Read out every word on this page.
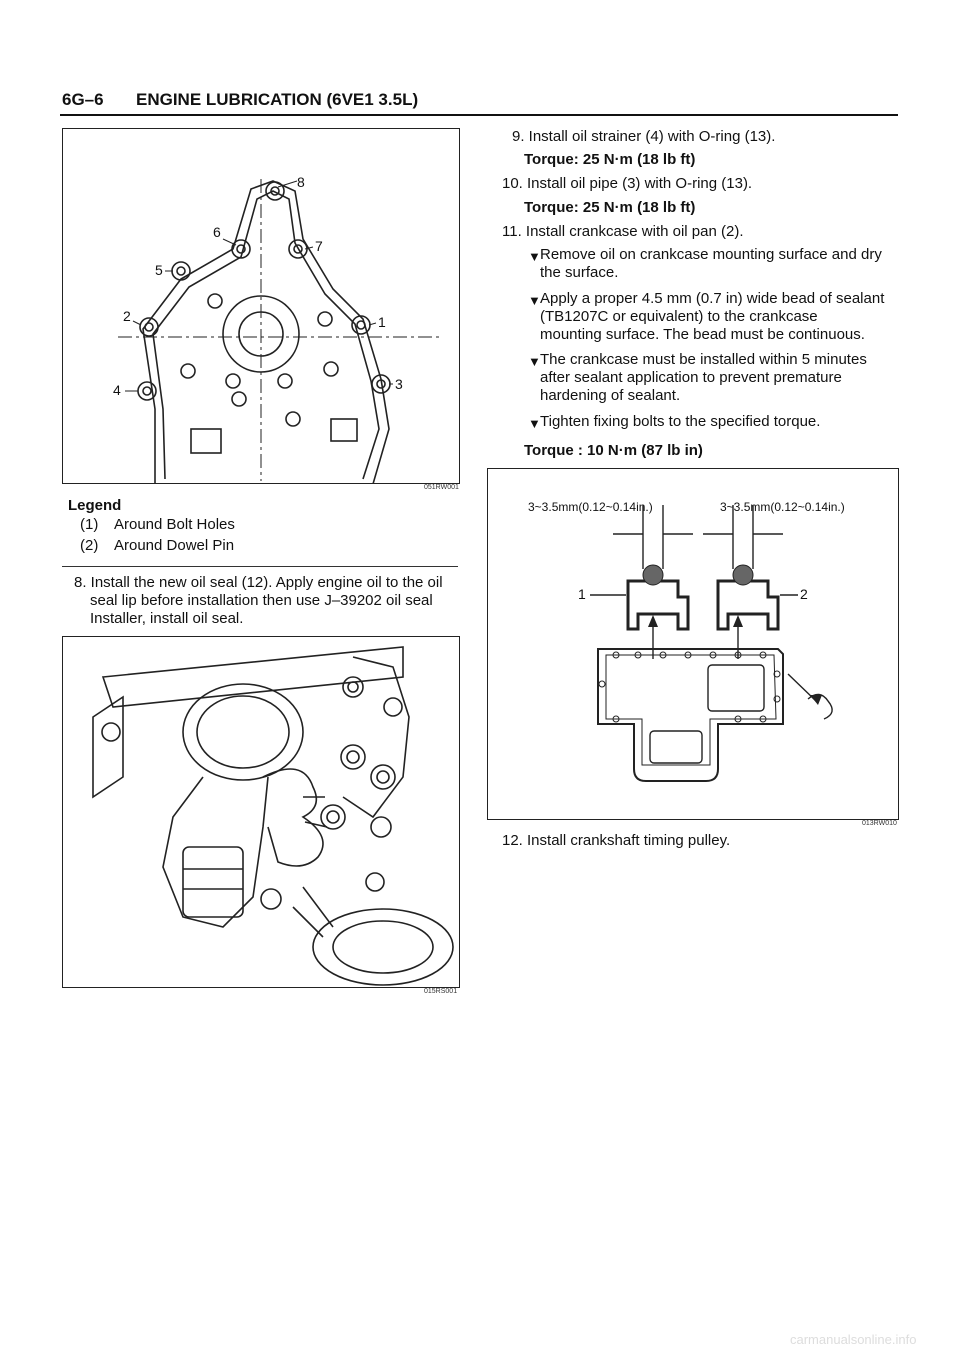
6G–6 ENGINE LUBRICATION (6VE1 3.5L)
8
6
7
5
2	1
4	3
051RW001
Legend
(1) Around Bolt Holes
(2) Around Dowel Pin
8. Install the new oil seal (12). Apply engine oil to the oil
seal lip before installation then use J–39202 oil seal
Installer, install oil seal.
015RS001
9. Install oil strainer (4) with O-ring (13).
Torque: 25 N·m (18 lb ft)
10. Install oil pipe (3) with O-ring (13).
Torque: 25 N·m (18 lb ft)
11. Install crankcase with oil pan (2).
▼ Remove oil on crankcase mounting surface and dry
the surface.
▼ Apply a proper 4.5 mm (0.7 in) wide bead of sealant
(TB1207C or equivalent) to the crankcase
mounting surface. The bead must be continuous.
▼ The crankcase must be installed within 5 minutes
after sealant application to prevent premature
hardening of sealant.
▼ Tighten fixing bolts to the specified torque.
Torque : 10 N·m (87 lb in)
3~3.5mm(0.12~0.14in.)	3~3.5mm(0.12~0.14in.)
1	2
013RW010
12. Install crankshaft timing pulley.
carmanualsonline.info
